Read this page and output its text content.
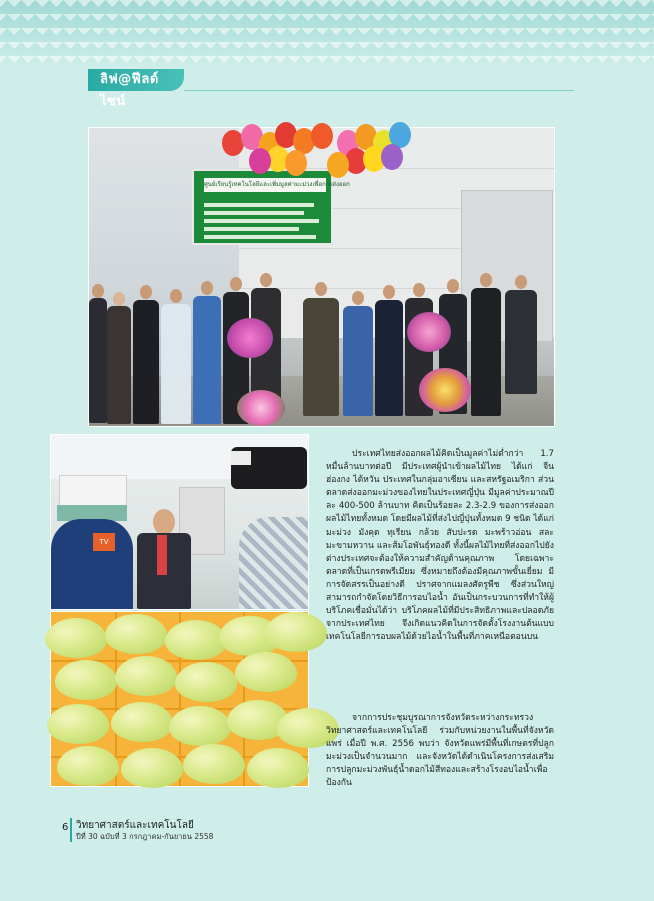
ลิฟ@ฟีลด์ไซน์
ศูนย์เรียนรู้เทคโนโลยีและเพิ่มมูลค่ามะม่วงเพื่อการส่งออก
TV
ประเทศไทยส่งออกผลไม้คิดเป็นมูลค่าไม่ต่ำกว่า 1.7 หมื่นล้านบาทต่อปี มีประเทศผู้นำเข้าผลไม้ไทย ได้แก่ จีน ฮ่องกง ไต้หวัน ประเทศในกลุ่มอาเซียน และสหรัฐอเมริกา ส่วนตลาดส่งออกมะม่วงของไทยในประเทศญี่ปุ่น มีมูลค่าประมาณปีละ 400-500 ล้านบาท คิดเป็นร้อยละ 2.3-2.9 ของการส่งออกผลไม้ไทยทั้งหมด โดยมีผลไม้ที่ส่งไปญี่ปุ่นทั้งหมด 9 ชนิด ได้แก่ มะม่วง มังคุด ทุเรียน กล้วย สับปะรด มะพร้าวอ่อน สละ มะขามหวาน และส้มโอพันธุ์ทองดี ทั้งนี้ผลไม้ไทยที่ส่งออกไปยังต่างประเทศจะต้องให้ความสำคัญด้านคุณภาพ โดยเฉพาะตลาดที่เป็นเกรดพรีเมียม ซึ่งหมายถึงต้องมีคุณภาพขั้นเยี่ยม มีการจัดสรรเป็นอย่างดี ปราศจากแมลงศัตรูพืช ซึ่งส่วนใหญ่สามารถกำจัดโดยวิธีการอบไอน้ำ อันเป็นกระบวนการที่ทำให้ผู้บริโภคเชื่อมั่นได้ว่า บริโภคผลไม้ที่มีประสิทธิภาพและปลอดภัยจากประเทศไทย จึงเกิดแนวคิดในการจัดตั้งโรงงานต้นแบบเทคโนโลยีการอบผลไม้ด้วยไอน้ำในพื้นที่ภาคเหนือตอนบน
จากการประชุมบูรณาการจังหวัดระหว่างกระทรวงวิทยาศาสตร์และเทคโนโลยี ร่วมกับหน่วยงานในพื้นที่จังหวัดแพร่ เมื่อปี พ.ศ. 2556 พบว่า จังหวัดแพร่มีพื้นที่เกษตรที่ปลูกมะม่วงเป็นจำนวนมาก และจังหวัดได้ดำเนินโครงการส่งเสริมการปลูกมะม่วงพันธุ์น้ำดอกไม้สีทองและสร้างโรงอบไอน้ำเพื่อป้องกัน
6 วิทยาศาสตร์และเทคโนโลยี
ปีที่ 30 ฉบับที่ 3 กรกฎาคม-กันยายน 2558
